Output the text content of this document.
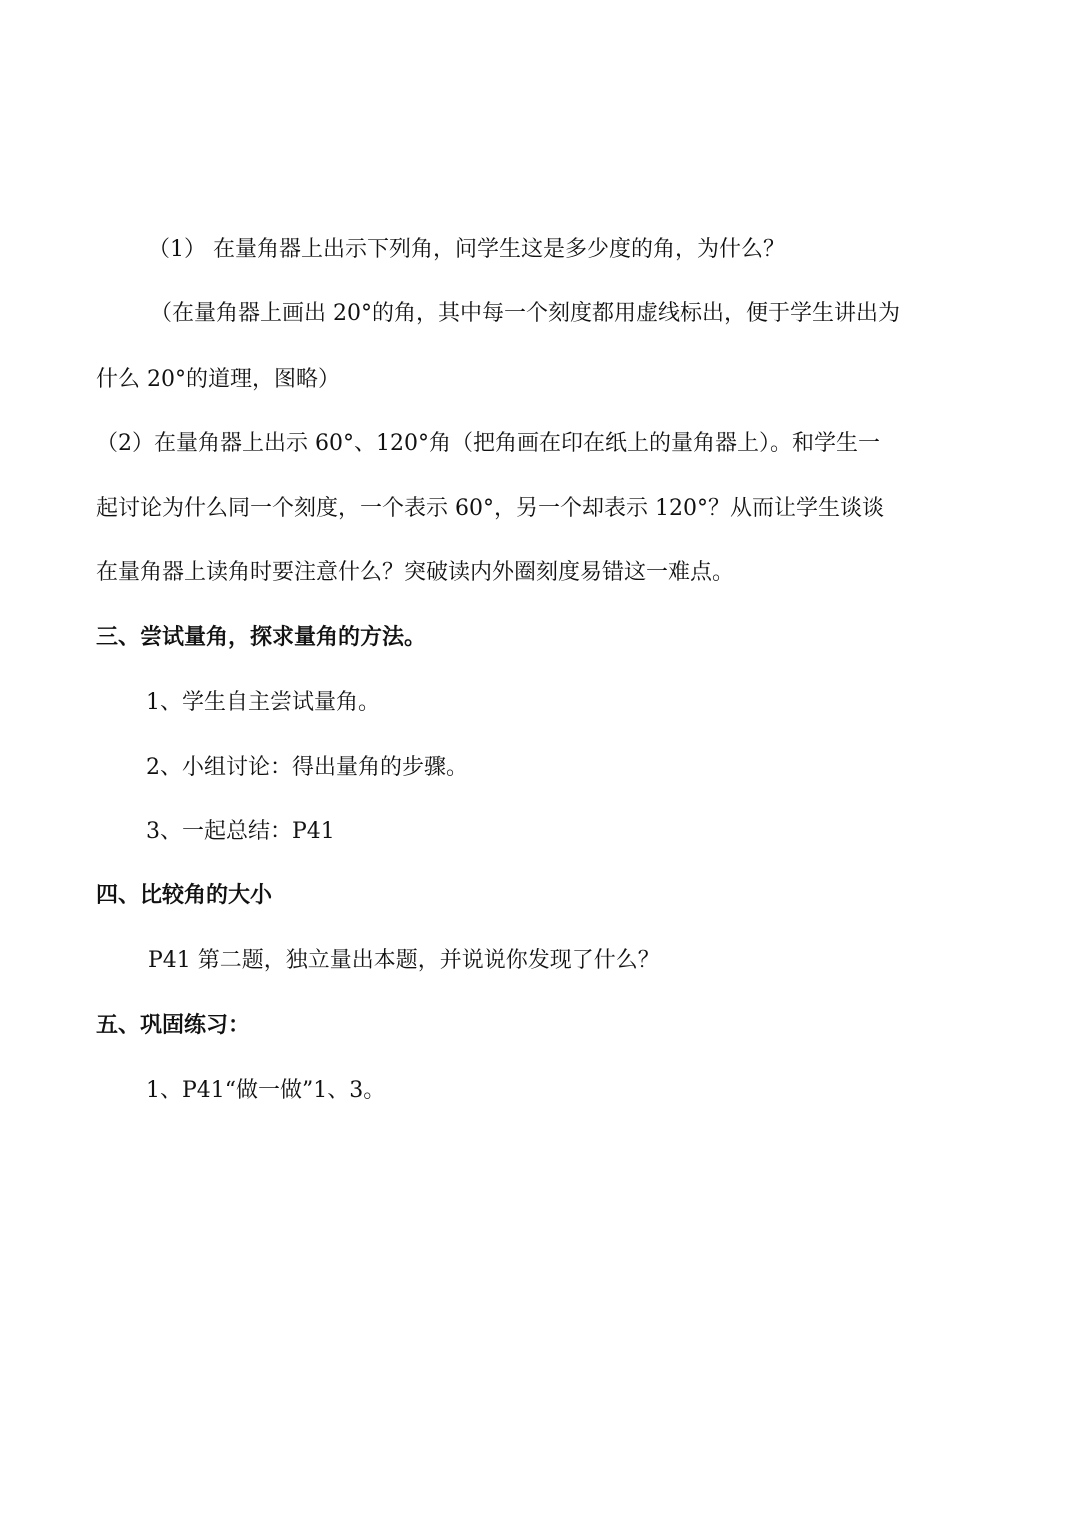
（1） 在量角器上出示下列角，问学生这是多少度的角，为什么？
（在量角器上画出 20°的角，其中每一个刻度都用虚线标出，便于学生讲出为
什么 20°的道理，图略）
（2）在量角器上出示 60°、120°角（把角画在印在纸上的量角器上）。和学生一
起讨论为什么同一个刻度，一个表示 60°，另一个却表示 120°？从而让学生谈谈
在量角器上读角时要注意什么？突破读内外圈刻度易错这一难点。
三、尝试量角，探求量角的方法。
1、学生自主尝试量角。
2、小组讨论：得出量角的步骤。
3、一起总结：P41
四、比较角的大小
P41 第二题，独立量出本题，并说说你发现了什么？
五、巩固练习：
1、P41“做一做”1、3。
